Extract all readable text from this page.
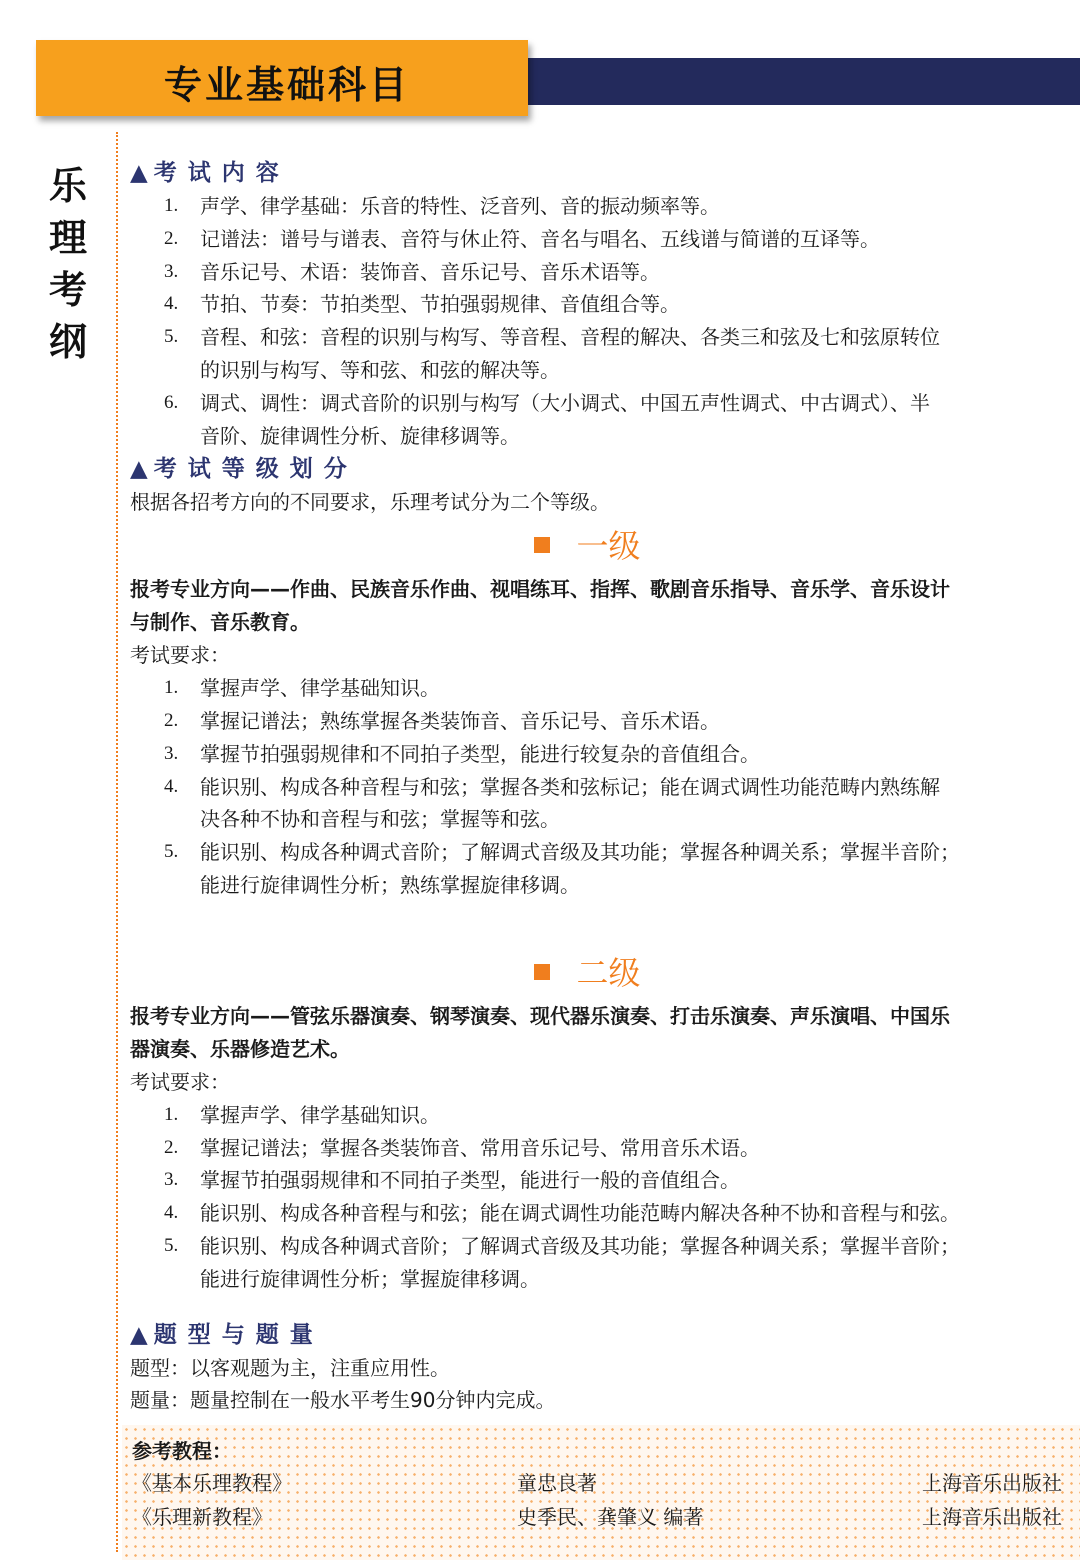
32
专业基础科目
乐
理
考
纲
▲考试内容
1. 声学、律学基础：乐音的特性、泛音列、音的振动频率等。
2. 记谱法：谱号与谱表、音符与休止符、音名与唱名、五线谱与简谱的互译等。
3. 音乐记号、术语：装饰音、音乐记号、音乐术语等。
4. 节拍、节奏：节拍类型、节拍强弱规律、音值组合等。
5. 音程、和弦：音程的识别与构写、等音程、音程的解决、各类三和弦及七和弦原转位
的识别与构写、等和弦、和弦的解决等。
6. 调式、调性：调式音阶的识别与构写（大小调式、中国五声性调式、中古调式）、半
音阶、旋律调性分析、旋律移调等。
▲考试等级划分
根据各招考方向的不同要求，乐理考试分为二个等级。
一级
报考专业方向——作曲、民族音乐作曲、视唱练耳、指挥、歌剧音乐指导、音乐学、音乐设计
与制作、音乐教育。
考试要求：
1. 掌握声学、律学基础知识。
2. 掌握记谱法；熟练掌握各类装饰音、音乐记号、音乐术语。
3. 掌握节拍强弱规律和不同拍子类型，能进行较复杂的音值组合。
4. 能识别、构成各种音程与和弦；掌握各类和弦标记；能在调式调性功能范畴内熟练解
决各种不协和音程与和弦；掌握等和弦。
5. 能识别、构成各种调式音阶；了解调式音级及其功能；掌握各种调关系；掌握半音阶；
能进行旋律调性分析；熟练掌握旋律移调。
二级
报考专业方向——管弦乐器演奏、钢琴演奏、现代器乐演奏、打击乐演奏、声乐演唱、中国乐
器演奏、乐器修造艺术。
考试要求：
1. 掌握声学、律学基础知识。
2. 掌握记谱法；掌握各类装饰音、常用音乐记号、常用音乐术语。
3. 掌握节拍强弱规律和不同拍子类型，能进行一般的音值组合。
4. 能识别、构成各种音程与和弦；能在调式调性功能范畴内解决各种不协和音程与和弦。
5. 能识别、构成各种调式音阶；了解调式音级及其功能；掌握各种调关系；掌握半音阶；
能进行旋律调性分析；掌握旋律移调。
▲题型与题量
题型：以客观题为主，注重应用性。
题量：题量控制在一般水平考生90分钟内完成。
参考教程：
《基本乐理教程》	童忠良著	上海音乐出版社
《乐理新教程》	史季民、龚肇义 编著	上海音乐出版社
